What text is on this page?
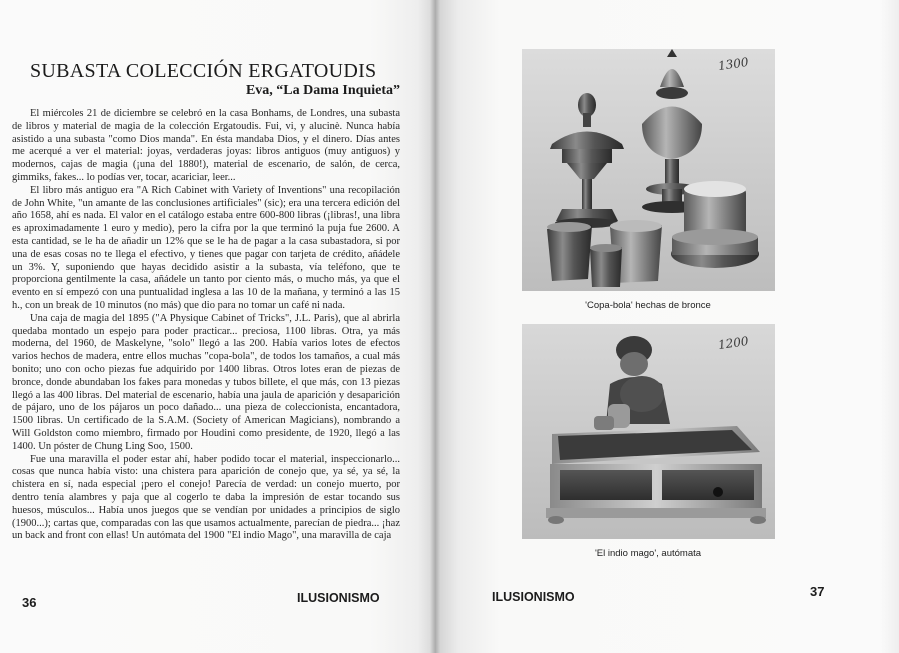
SUBASTA COLECCIÓN ERGATOUDIS
Eva, “La Dama Inquieta”

El miércoles 21 de diciembre se celebró en la casa Bonhams, de Londres, una subasta de libros y material de magia de la colección Ergatoudis. Fui, vi, y alucinè. Nunca había asistido a una subasta "como Dios manda". En ésta mandaba Dios, y el dinero. Días antes me acerqué a ver el material: joyas, verdaderas joyas: libros antiguos (muy antiguos) y modernos, cajas de magia (¡una del 1880!), material de escenario, de salón, de cerca, gimmiks, fakes... lo podías ver, tocar, acariciar, leer...

El libro más antiguo era "A Rich Cabinet with Variety of Inventions" una recopilación de John White, "un amante de las conclusiones artificiales" (sic); era una tercera edición del año 1658, ahí es nada. El valor en el catálogo estaba entre 600-800 libras (¡libras!, una libra es aproximadamente 1 euro y medio), pero la cifra por la que terminó la puja fue 2600. A esta cantidad, se le ha de añadir un 12% que se le ha de pagar a la casa subastadora, si por una de esas cosas no te llega el efectivo, y tienes que pagar con tarjeta de crédito, añádele un 3%. Y, suponiendo que hayas decidido asistir a la subasta, vía teléfono, que te proporciona gentilmente la casa, añádele un tanto por ciento más, o mucho más, ya que el evento en sí empezó con una puntualidad inglesa a las 10 de la mañana, y terminó a las 15 h., con un break de 10 minutos (no más) que dio para no tomar un café ni nada.

Una caja de magia del 1895 ("A Physique Cabinet of Tricks", J.L. Paris), que al abrirla quedaba montado un espejo para poder practicar... preciosa, 1100 libras. Otra, ya más moderna, del 1960, de Maskelyne, "solo" llegó a las 200. Había varios lotes de efectos varios hechos de madera, entre ellos muchas "copa-bola", de todos los tamaños, a cual más bonito; uno con ocho piezas fue adquirido por 1400 libras. Otros lotes eran de piezas de bronce, donde abundaban los fakes para monedas y tubos billete, el que más, con 13 piezas llegó a las 400 libras. Del material de escenario, había una jaula de aparición y desaparición de pájaro, uno de los pájaros un poco dañado... una pieza de coleccionista, encantadora, 1500 libras. Un certificado de la S.A.M. (Society of American Magicians), nombrando a Will Goldston como miembro, firmado por Houdini como presidente, de 1920, llegó a las 1400. Un póster de Chung Ling Soo, 1500.

Fue una maravilla el poder estar ahí, haber podido tocar el material, inspeccionarlo... cosas que nunca había visto: una chistera para aparición de conejo que, ya sé, ya sé, la chistera en sí, nada especial ¡pero el conejo! Parecía de verdad: un conejo muerto, por dentro tenía alambres y paja que al cogerlo te daba la impresión de estar tocando sus huesos, músculos... Había unos juegos que se vendían por unidades a principios de siglo (1900...); cartas que, comparadas con las que usamos actualmente, parecían de piedra... ¡haz un back and front con ellas! Un autómata del 1900 "El indio Mago", una maravilla de caja

36	ILUSIONISMO
'Copa-bola' hechas de bronce
1300
'El indio mago', autómata
1200
ILUSIONISMO	37
